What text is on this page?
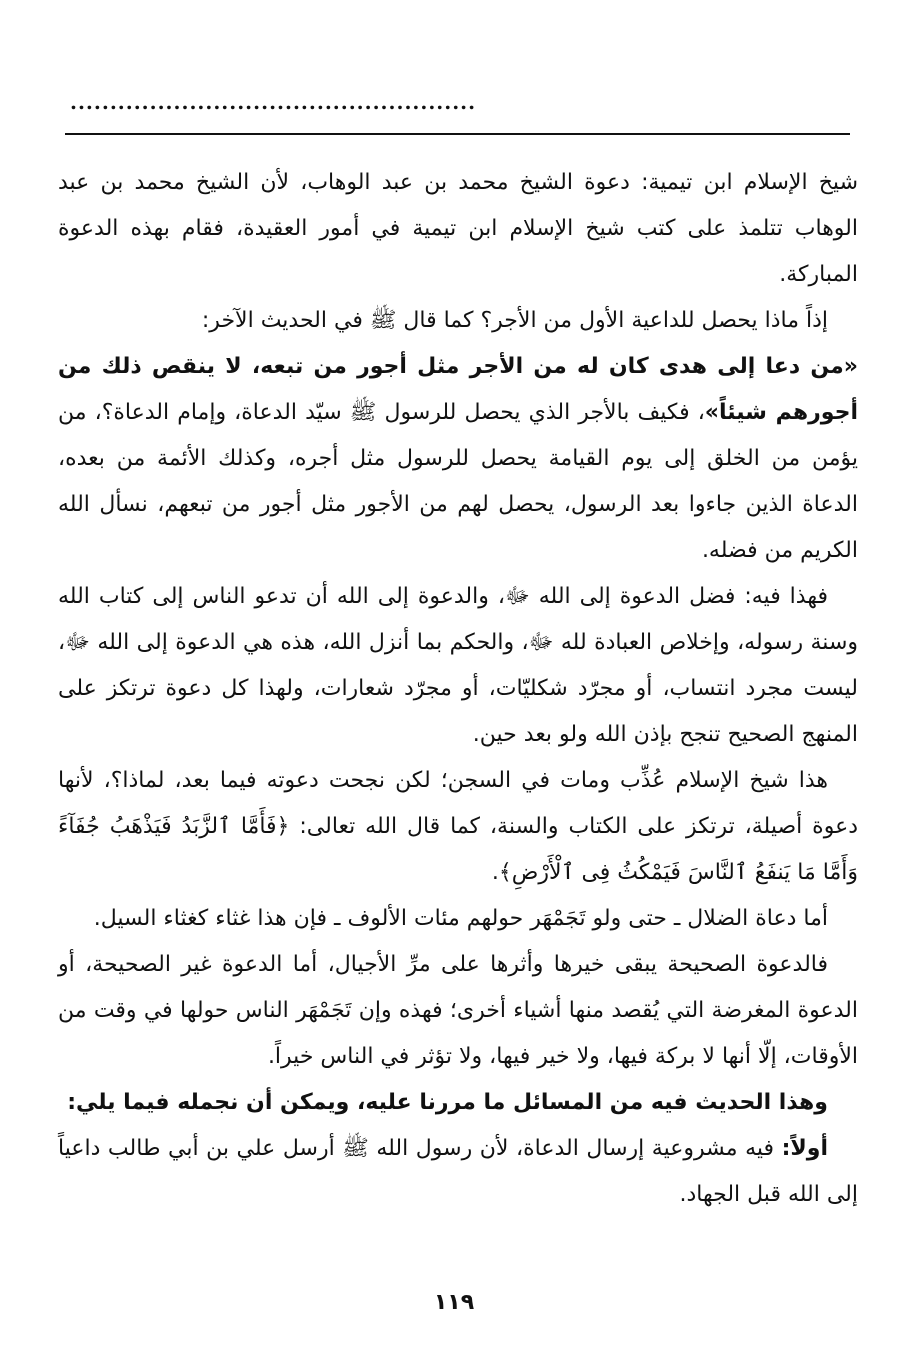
...................................................

شيخ الإسلام ابن تيمية: دعوة الشيخ محمد بن عبد الوهاب، لأن الشيخ محمد بن عبد الوهاب تتلمذ على كتب شيخ الإسلام ابن تيمية في أمور العقيدة، فقام بهذه الدعوة المباركة.

إذاً ماذا يحصل للداعية الأول من الأجر؟ كما قال ﷺ في الحديث الآخر:

«من دعا إلى هدى كان له من الأجر مثل أجور من تبعه، لا ينقص ذلك من أجورهم شيئاً»، فكيف بالأجر الذي يحصل للرسول ﷺ سيّد الدعاة، وإمام الدعاة؟، من يؤمن من الخلق إلى يوم القيامة يحصل للرسول مثل أجره، وكذلك الأئمة من بعده، الدعاة الذين جاءوا بعد الرسول، يحصل لهم من الأجور مثل أجور من تبعهم، نسأل الله الكريم من فضله.

فهذا فيه: فضل الدعوة إلى الله ﷻ، والدعوة إلى الله أن تدعو الناس إلى كتاب الله وسنة رسوله، وإخلاص العبادة لله ﷻ، والحكم بما أنزل الله، هذه هي الدعوة إلى الله ﷻ، ليست مجرد انتساب، أو مجرّد شكليّات، أو مجرّد شعارات، ولهذا كل دعوة ترتكز على المنهج الصحيح تنجح بإذن الله ولو بعد حين.

هذا شيخ الإسلام عُذِّب ومات في السجن؛ لكن نجحت دعوته فيما بعد، لماذا؟، لأنها دعوة أصيلة، ترتكز على الكتاب والسنة، كما قال الله تعالى: ﴿فَأَمَّا ٱلزَّبَدُ فَيَذْهَبُ جُفَآءً وَأَمَّا مَا يَنفَعُ ٱلنَّاسَ فَيَمْكُثُ فِى ٱلْأَرْضِ﴾.

أما دعاة الضلال ـ حتى ولو تَجَمْهَر حولهم مئات الألوف ـ فإن هذا غثاء كغثاء السيل.

فالدعوة الصحيحة يبقى خيرها وأثرها على مرِّ الأجيال، أما الدعوة غير الصحيحة، أو الدعوة المغرضة التي يُقصد منها أشياء أخرى؛ فهذه وإن تَجَمْهَر الناس حولها في وقت من الأوقات، إلّا أنها لا بركة فيها، ولا خير فيها، ولا تؤثر في الناس خيراً.

وهذا الحديث فيه من المسائل ما مررنا عليه، ويمكن أن نجمله فيما يلي:

أولاً: فيه مشروعية إرسال الدعاة، لأن رسول الله ﷺ أرسل علي بن أبي طالب داعياً إلى الله قبل الجهاد.

١١٩
